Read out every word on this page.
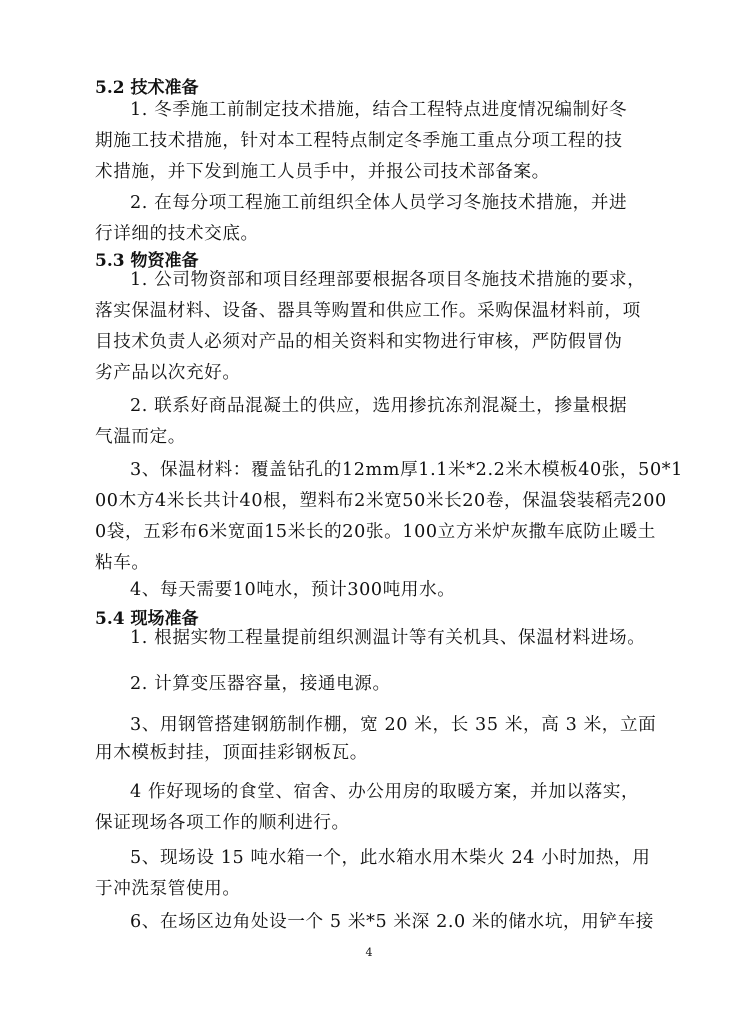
5.2 技术准备
1. 冬季施工前制定技术措施，结合工程特点进度情况编制好冬
期施工技术措施，针对本工程特点制定冬季施工重点分项工程的技
术措施，并下发到施工人员手中，并报公司技术部备案。
2. 在每分项工程施工前组织全体人员学习冬施技术措施，并进
行详细的技术交底。
5.3 物资准备
1. 公司物资部和项目经理部要根据各项目冬施技术措施的要求，
落实保温材料、设备、器具等购置和供应工作。采购保温材料前，项
目技术负责人必须对产品的相关资料和实物进行审核，严防假冒伪
劣产品以次充好。
2. 联系好商品混凝土的供应，选用掺抗冻剂混凝土，掺量根据
气温而定。
3、保温材料：覆盖钻孔的12mm厚1.1米*2.2米木模板40张，50*1
00木方4米长共计40根，塑料布2米宽50米长20卷，保温袋装稻壳200
0袋，五彩布6米宽面15米长的20张。100立方米炉灰撒车底防止暖土
粘车。
4、每天需要10吨水，预计300吨用水。
5.4 现场准备
1. 根据实物工程量提前组织测温计等有关机具、保温材料进场。
2. 计算变压器容量，接通电源。
3、用钢管搭建钢筋制作棚，宽 20 米，长 35 米，高 3 米，立面
用木模板封挂，顶面挂彩钢板瓦。
4 作好现场的食堂、宿舍、办公用房的取暖方案，并加以落实，
保证现场各项工作的顺利进行。
5、现场设 15 吨水箱一个，此水箱水用木柴火 24 小时加热，用
于冲洗泵管使用。
6、在场区边角处设一个 5 米*5 米深 2.0 米的储水坑，用铲车接
4
